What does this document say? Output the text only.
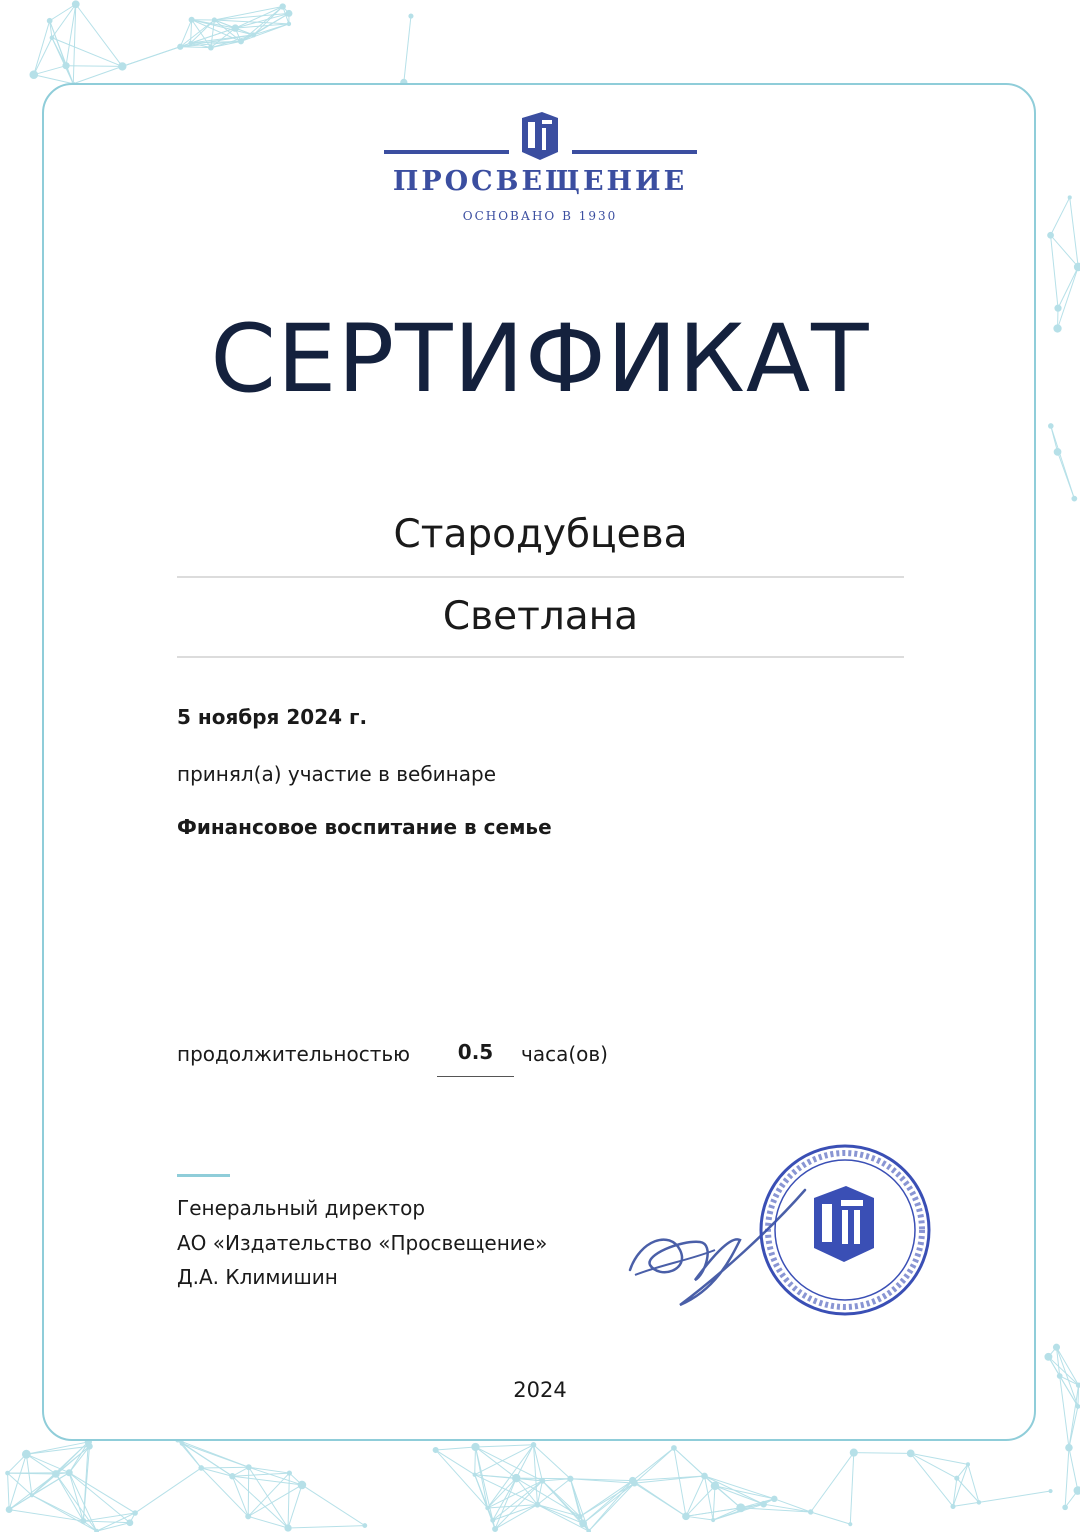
ПРОСВЕЩЕНИЕ
ОСНОВАНО В 1930
СЕРТИФИКАТ
Стародубцева
Светлана
5 ноября 2024 г.
принял(а) участие в вебинаре
Финансовое воспитание в семье
продолжительностью	0.5	часа(ов)
Генеральный директор
АО «Издательство «Просвещение»
Д.А. Климишин
2024
